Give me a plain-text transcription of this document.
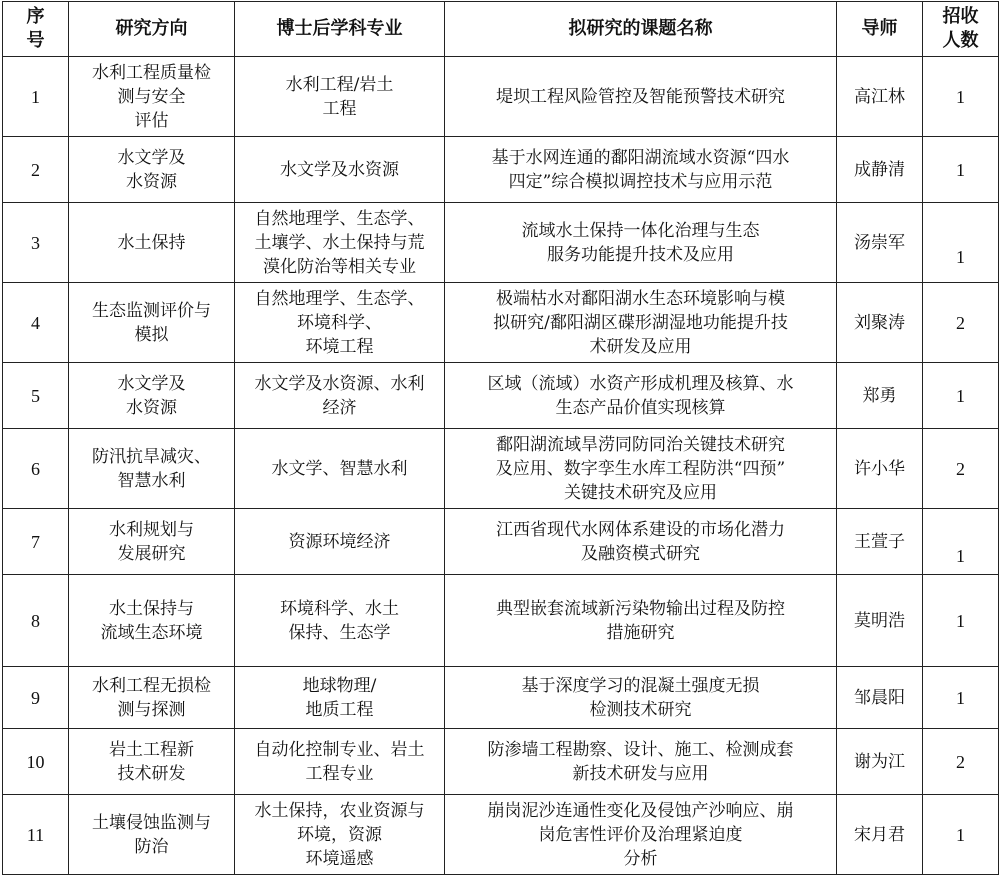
序
号	研究方向	博士后学科专业	拟研究的课题名称	导师	招收
人数

1	水利工程质量检
测与安全
评估	水利工程/岩土
工程	堤坝工程风险管控及智能预警技术研究	高江林	1
2	水文学及
水资源	水文学及水资源	基于水网连通的鄱阳湖流域水资源“四水
四定”综合模拟调控技术与应用示范	成静清	1
3	水土保持	自然地理学、生态学、
土壤学、水土保持与荒
漠化防治等相关专业	流域水土保持一体化治理与生态
服务功能提升技术及应用	汤崇军	1
4	生态监测评价与
模拟	自然地理学、生态学、
环境科学、
环境工程	极端枯水对鄱阳湖水生态环境影响与模
拟研究/鄱阳湖区碟形湖湿地功能提升技
术研发及应用	刘聚涛	2
5	水文学及
水资源	水文学及水资源、水利
经济	区域（流域）水资产形成机理及核算、水
生态产品价值实现核算	郑勇	1
6	防汛抗旱减灾、
智慧水利	水文学、智慧水利	鄱阳湖流域旱涝同防同治关键技术研究
及应用、数字孪生水库工程防洪“四预”
关键技术研究及应用	许小华	2
7	水利规划与
发展研究	资源环境经济	江西省现代水网体系建设的市场化潜力
及融资模式研究	王萱子	1
8	水土保持与
流域生态环境	环境科学、水土
保持、生态学	典型嵌套流域新污染物输出过程及防控
措施研究	莫明浩	1
9	水利工程无损检
测与探测	地球物理/
地质工程	基于深度学习的混凝土强度无损
检测技术研究	邹晨阳	1
10	岩土工程新
技术研发	自动化控制专业、岩土
工程专业	防渗墙工程勘察、设计、施工、检测成套
新技术研发与应用	谢为江	2
11	土壤侵蚀监测与
防治	水土保持，农业资源与
环境，资源
环境遥感	崩岗泥沙连通性变化及侵蚀产沙响应、崩
岗危害性评价及治理紧迫度
分析	宋月君	1
